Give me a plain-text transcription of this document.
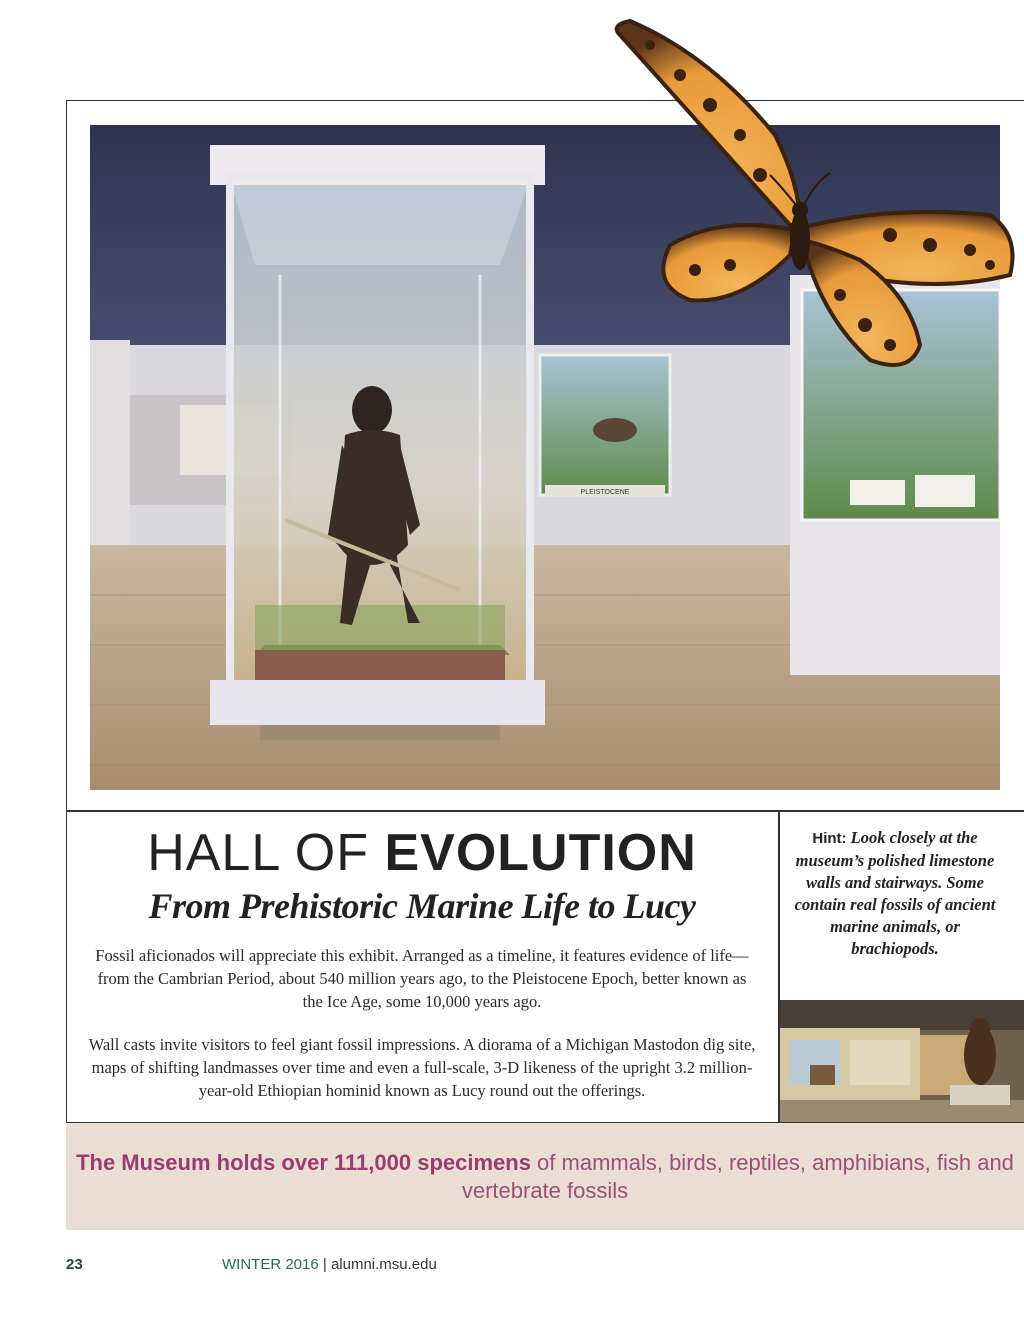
PLEISTOCENE
HALL OF EVOLUTION
From Prehistoric Marine Life to Lucy

Fossil aficionados will appreciate this exhibit. Arranged as a timeline, it features evidence of life—from the Cambrian Period, about 540 million years ago, to the Pleistocene Epoch, better known as the Ice Age, some 10,000 years ago.

Wall casts invite visitors to feel giant fossil impressions. A diorama of a Michigan Mastodon dig site, maps of shifting landmasses over time and even a full-scale, 3-D likeness of the upright 3.2 million-year-old Ethiopian hominid known as Lucy round out the offerings.

Hint: Look closely at the museum’s polished limestone walls and stairways. Some contain real fossils of ancient marine animals, or brachiopods.

The Museum holds over 111,000 specimens of mammals, birds, reptiles, amphibians, fish and vertebrate fossils

23	WINTER 2016 | alumni.msu.edu
